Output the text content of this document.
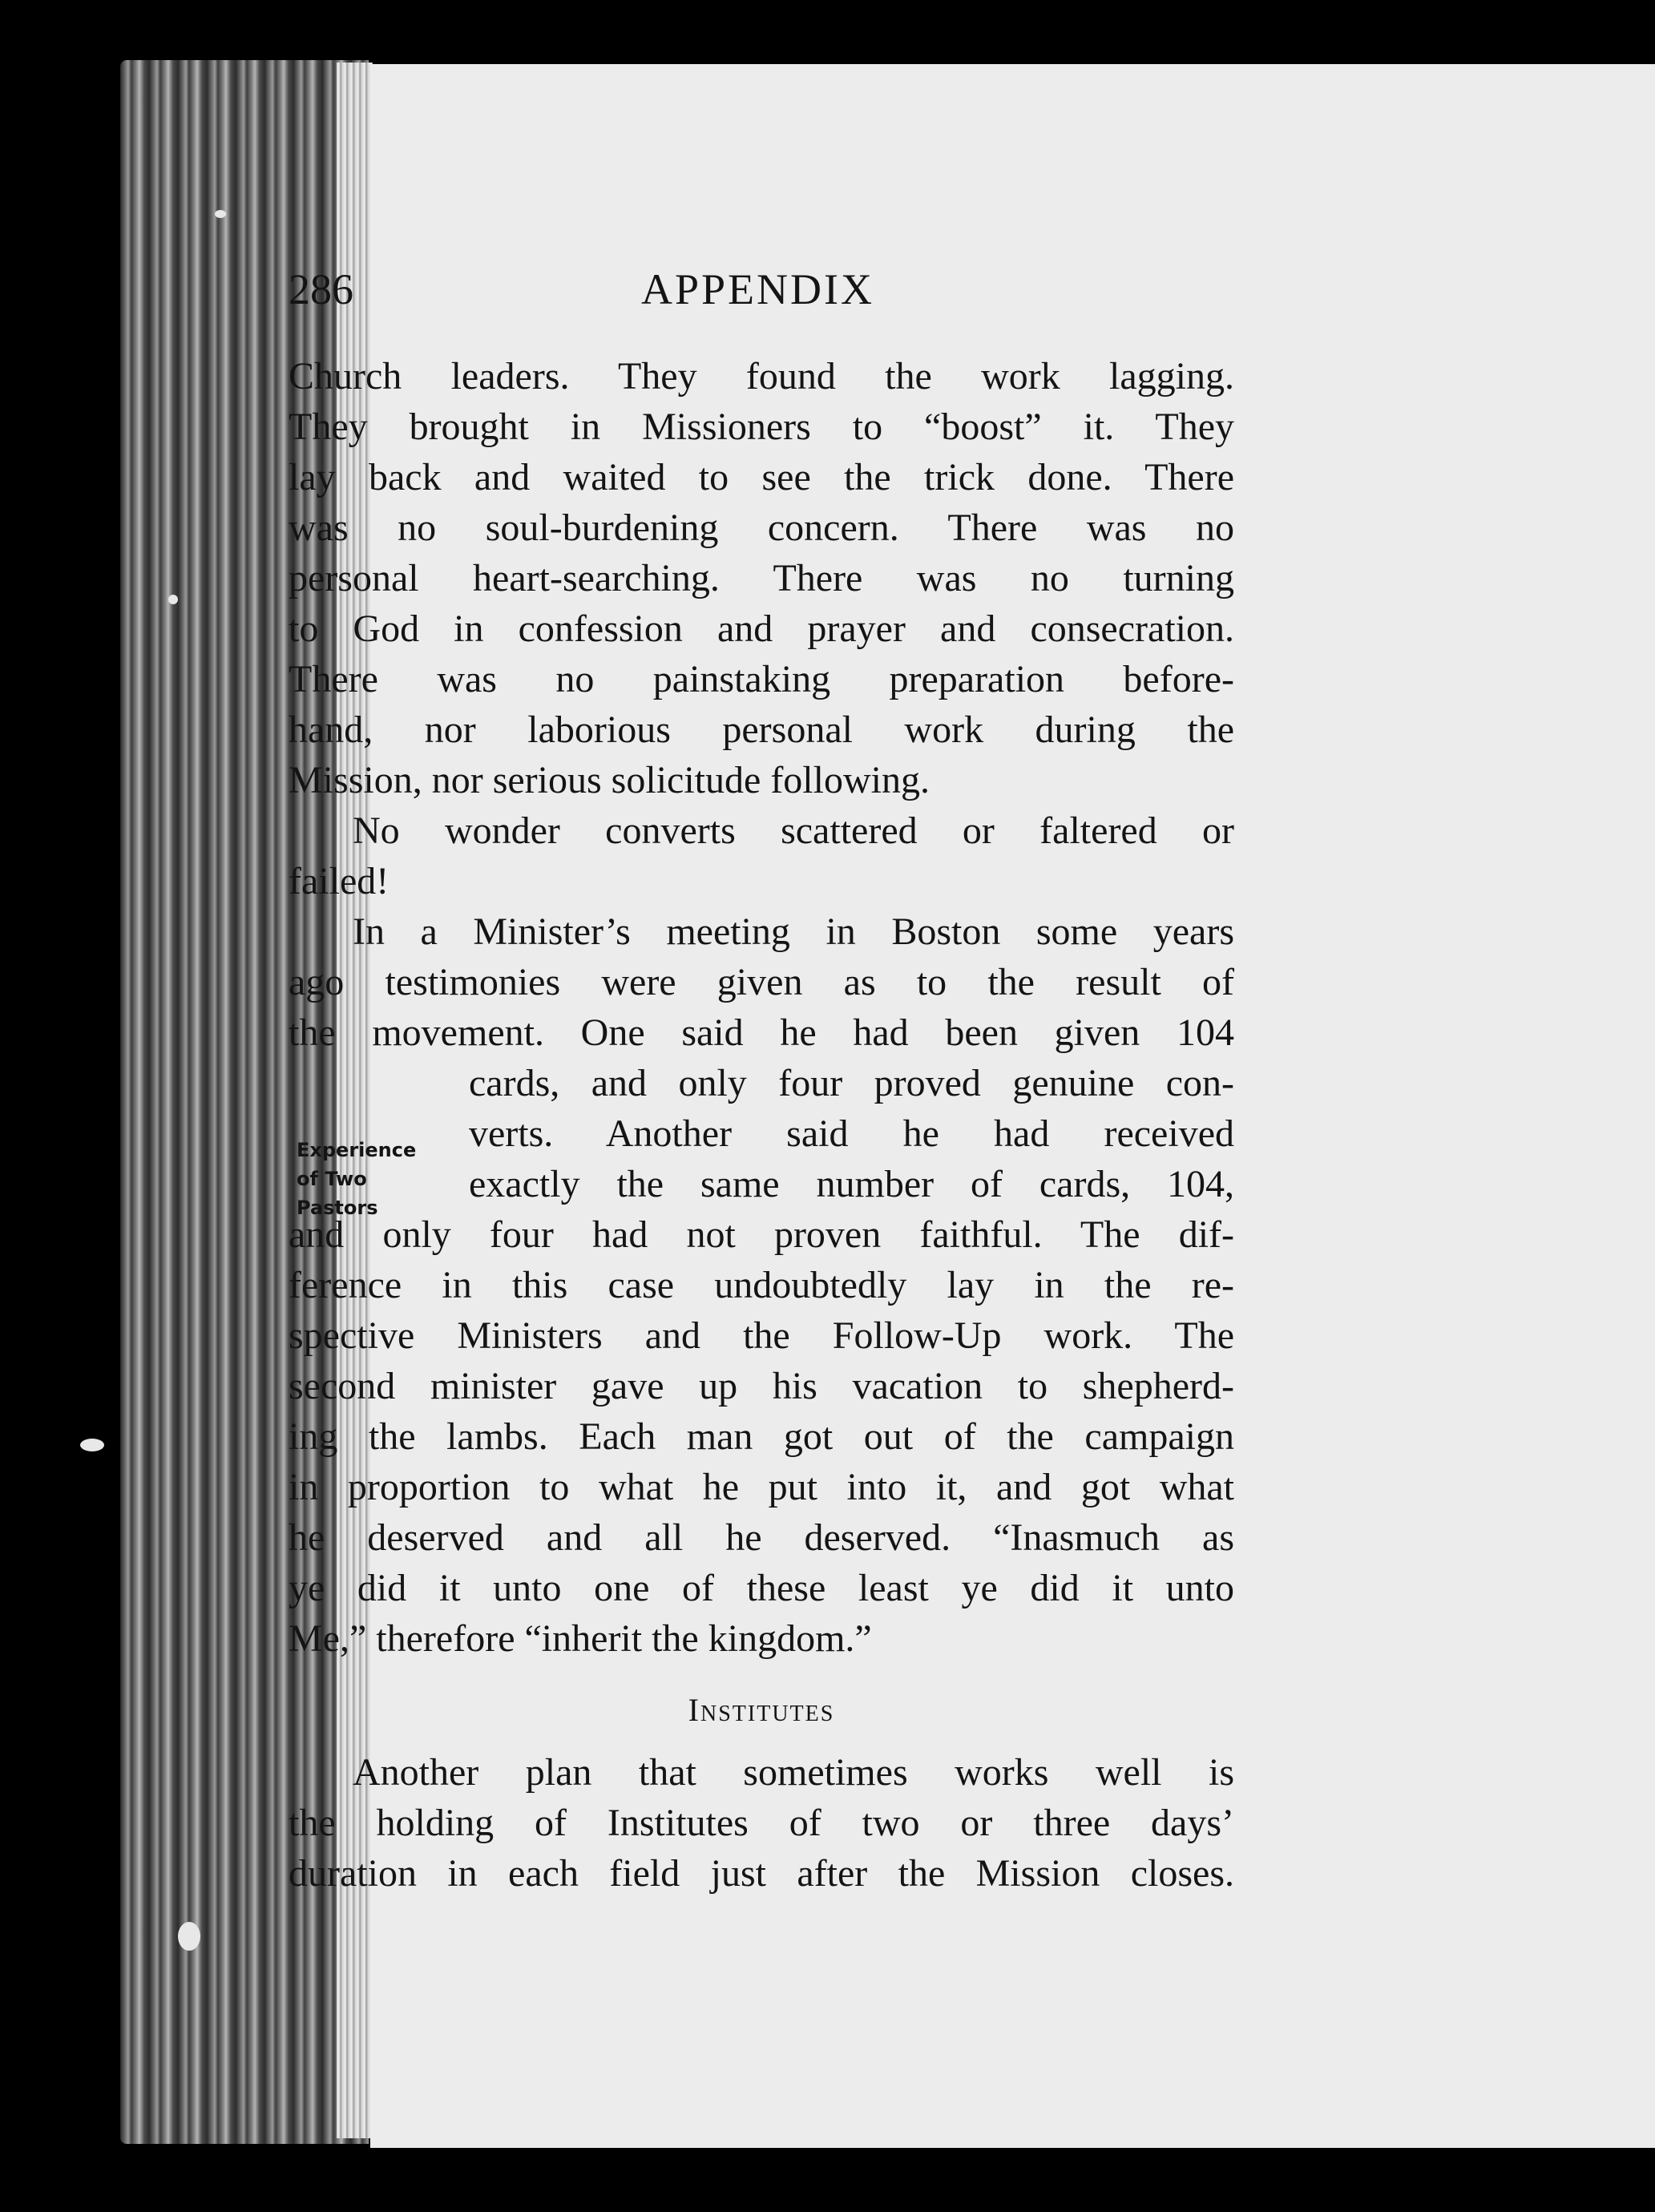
286	APPENDIX

Church leaders. They found the work lagging.
They brought in Missioners to “boost” it. They
lay back and waited to see the trick done. There
was no soul-burdening concern. There was no
personal heart-searching. There was no turning
to God in confession and prayer and consecration.
There was no painstaking preparation before-
hand, nor laborious personal work during the
Mission, nor serious solicitude following.

No wonder converts scattered or faltered or
failed!

In a Minister’s meeting in Boston some years
ago testimonies were given as to the result of
the movement. One said he had been given 104
cards, and only four proved genuine con-
verts. Another said he had received
exactly the same number of cards, 104,
and only four had not proven faithful. The dif-
ference in this case undoubtedly lay in the re-
spective Ministers and the Follow-Up work. The
second minister gave up his vacation to shepherd-
ing the lambs. Each man got out of the campaign
in proportion to what he put into it, and got what
he deserved and all he deserved. “Inasmuch as
ye did it unto one of these least ye did it unto
Me,” therefore “inherit the kingdom.”

Experience
of Two
Pastors
Institutes
Another plan that sometimes works well is
the holding of Institutes of two or three days’
duration in each field just after the Mission closes.
